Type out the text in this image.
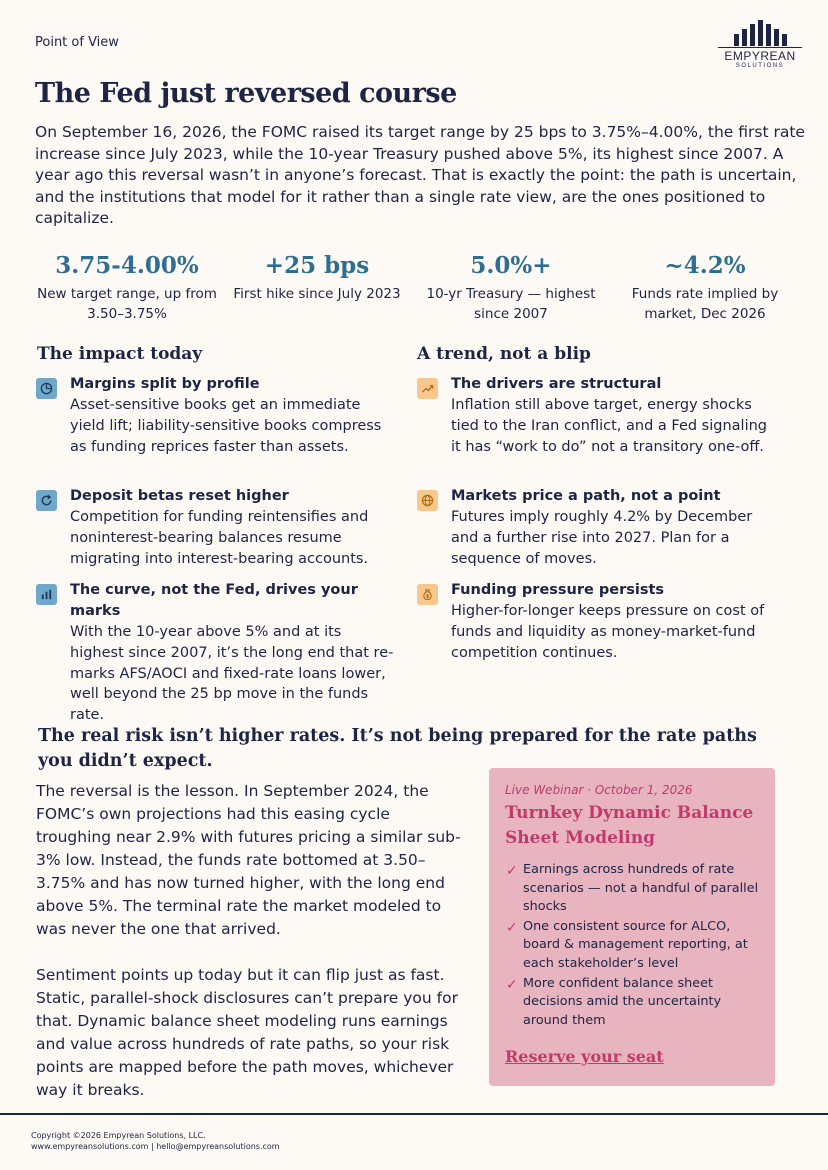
Point of View
EMPYREAN
SOLUTIONS
The Fed just reversed course

On September 16, 2026, the FOMC raised its target range by 25 bps to 3.75%–4.00%, the first rate increase since July 2023, while the 10-year Treasury pushed above 5%, its highest since 2007. A year ago this reversal wasn’t in anyone’s forecast. That is exactly the point: the path is uncertain, and the institutions that model for it rather than a single rate view, are the ones positioned to capitalize.

3.75-4.00%
New target range, up from 3.50–3.75%
+25 bps
First hike since July 2023
5.0%+
10-yr Treasury — highest since 2007
~4.2%
Funds rate implied by market, Dec 2026
The impact today
Margins split by profile
Asset-sensitive books get an immediate yield lift; liability-sensitive books compress as funding reprices faster than assets.
Deposit betas reset higher
Competition for funding reintensifies and noninterest-bearing balances resume migrating into interest-bearing accounts.
The curve, not the Fed, drives your marks
With the 10-year above 5% and at its highest since 2007, it’s the long end that re-marks AFS/AOCI and fixed-rate loans lower, well beyond the 25 bp move in the funds rate.
A trend, not a blip
The drivers are structural
Inflation still above target, energy shocks tied to the Iran conflict, and a Fed signaling it has “work to do” not a transitory one-off.
Markets price a path, not a point
Futures imply roughly 4.2% by December and a further rise into 2027. Plan for a sequence of moves.
Funding pressure persists
Higher-for-longer keeps pressure on cost of funds and liquidity as money-market-fund competition continues.
The real risk isn’t higher rates. It’s not being prepared for the rate paths you didn’t expect.

The reversal is the lesson. In September 2024, the FOMC’s own projections had this easing cycle troughing near 2.9% with futures pricing a similar sub-3% low. Instead, the funds rate bottomed at 3.50–3.75% and has now turned higher, with the long end above 5%. The terminal rate the market modeled to was never the one that arrived.

Sentiment points up today but it can flip just as fast. Static, parallel-shock disclosures can’t prepare you for that. Dynamic balance sheet modeling runs earnings and value across hundreds of rate paths, so your risk points are mapped before the path moves, whichever way it breaks.

Live Webinar · October 1, 2026
Turnkey Dynamic Balance Sheet Modeling
✓ Earnings across hundreds of rate scenarios — not a handful of parallel shocks
✓ One consistent source for ALCO, board & management reporting, at each stakeholder’s level
✓ More confident balance sheet decisions amid the uncertainty around them
Reserve your seat
Copyright ©2026 Empyrean Solutions, LLC.
www.empyreansolutions.com | hello@empyreansolutions.com
